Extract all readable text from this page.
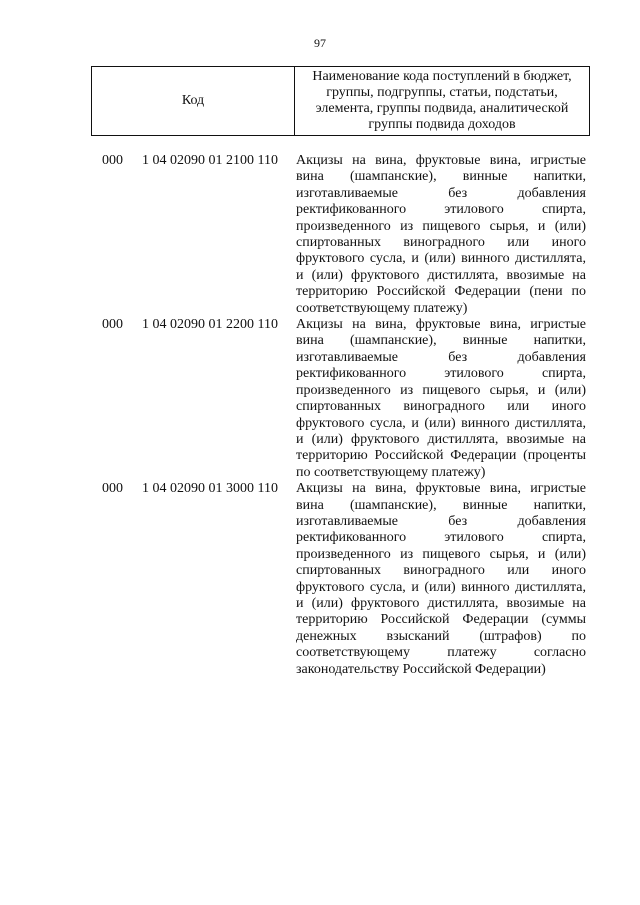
97
Код
Наименование кода поступлений в бюджет, группы, подгруппы, статьи, подстатьи, элемента, группы подвида, аналитической группы подвида доходов
000 1 04 02090 01 2100 110 Акцизы на вина, фруктовые вина, игристые
вина (шампанские), винные напитки,
изготавливаемые без добавления
ректификованного этилового спирта,
произведенного из пищевого сырья, и (или)
спиртованных виноградного или иного
фруктового сусла, и (или) винного дистиллята,
и (или) фруктового дистиллята, ввозимые на
территорию Российской Федерации (пени по
соответствующему платежу)
000 1 04 02090 01 2200 110 Акцизы на вина, фруктовые вина, игристые
вина (шампанские), винные напитки,
изготавливаемые без добавления
ректификованного этилового спирта,
произведенного из пищевого сырья, и (или)
спиртованных виноградного или иного
фруктового сусла, и (или) винного дистиллята,
и (или) фруктового дистиллята, ввозимые на
территорию Российской Федерации (проценты
по соответствующему платежу)
000 1 04 02090 01 3000 110 Акцизы на вина, фруктовые вина, игристые
вина (шампанские), винные напитки,
изготавливаемые без добавления
ректификованного этилового спирта,
произведенного из пищевого сырья, и (или)
спиртованных виноградного или иного
фруктового сусла, и (или) винного дистиллята,
и (или) фруктового дистиллята, ввозимые на
территорию Российской Федерации (суммы
денежных взысканий (штрафов) по
соответствующему платежу согласно
законодательству Российской Федерации)
